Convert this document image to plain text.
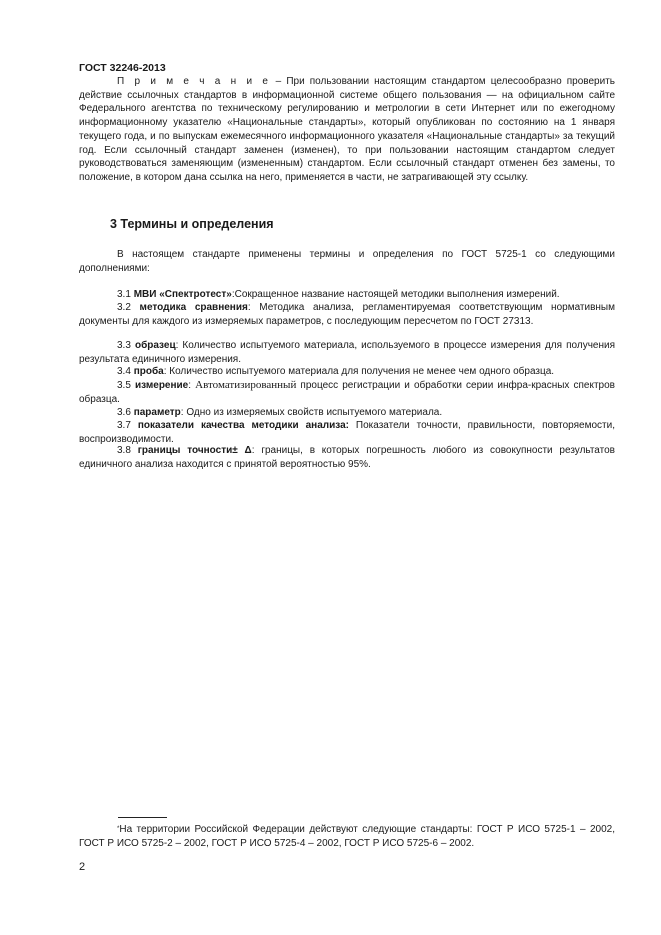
ГОСТ 32246-2013

П р и м е ч а н и е – При пользовании настоящим стандартом целесообразно проверить действие ссылочных стандартов в информационной системе общего пользования — на официальном сайте Федерального агентства по техническому регулированию и метрологии в сети Интернет или по ежегодному информационному указателю «Национальные стандарты», который опубликован по состоянию на 1 января текущего года, и по выпускам ежемесячного информационного указателя «Национальные стандарты» за текущий год. Если ссылочный стандарт заменен (изменен), то при пользовании настоящим стандартом следует руководствоваться заменяющим (измененным) стандартом. Если ссылочный стандарт отменен без замены, то положение, в котором дана ссылка на него, применяется в части, не затрагивающей эту ссылку.

3 Термины и определения

В настоящем стандарте применены термины и определения по ГОСТ 5725-1 со следующими дополнениями:

3.1 МВИ «Спектротест»:Сокращенное название настоящей методики выполнения измерений.

3.2 методика сравнения: Методика анализа, регламентируемая соответствующим нормативным документы для каждого из измеряемых параметров, с последующим пересчетом по ГОСТ 27313.

3.3 образец: Количество испытуемого материала, используемого в процессе измерения для получения результата единичного измерения.

3.4 проба: Количество испытуемого материала для получения не менее чем одного образца.

3.5 измерение: Автоматизированный процесс регистрации и обработки серии инфра-красных спектров образца.

3.6 параметр: Одно из измеряемых свойств испытуемого материала.

3.7 показатели качества методики анализа: Показатели точности, правильности, повторяемости, воспроизводимости.

3.8 границы точности± Δ: границы, в которых погрешность любого из совокупности результатов единичного анализа находится с принятой вероятностью 95%.

*На территории Российской Федерации действуют следующие стандарты: ГОСТ Р ИСО 5725-1 – 2002, ГОСТ Р ИСО 5725-2 – 2002, ГОСТ Р ИСО 5725-4 – 2002, ГОСТ Р ИСО 5725-6 – 2002.

2
